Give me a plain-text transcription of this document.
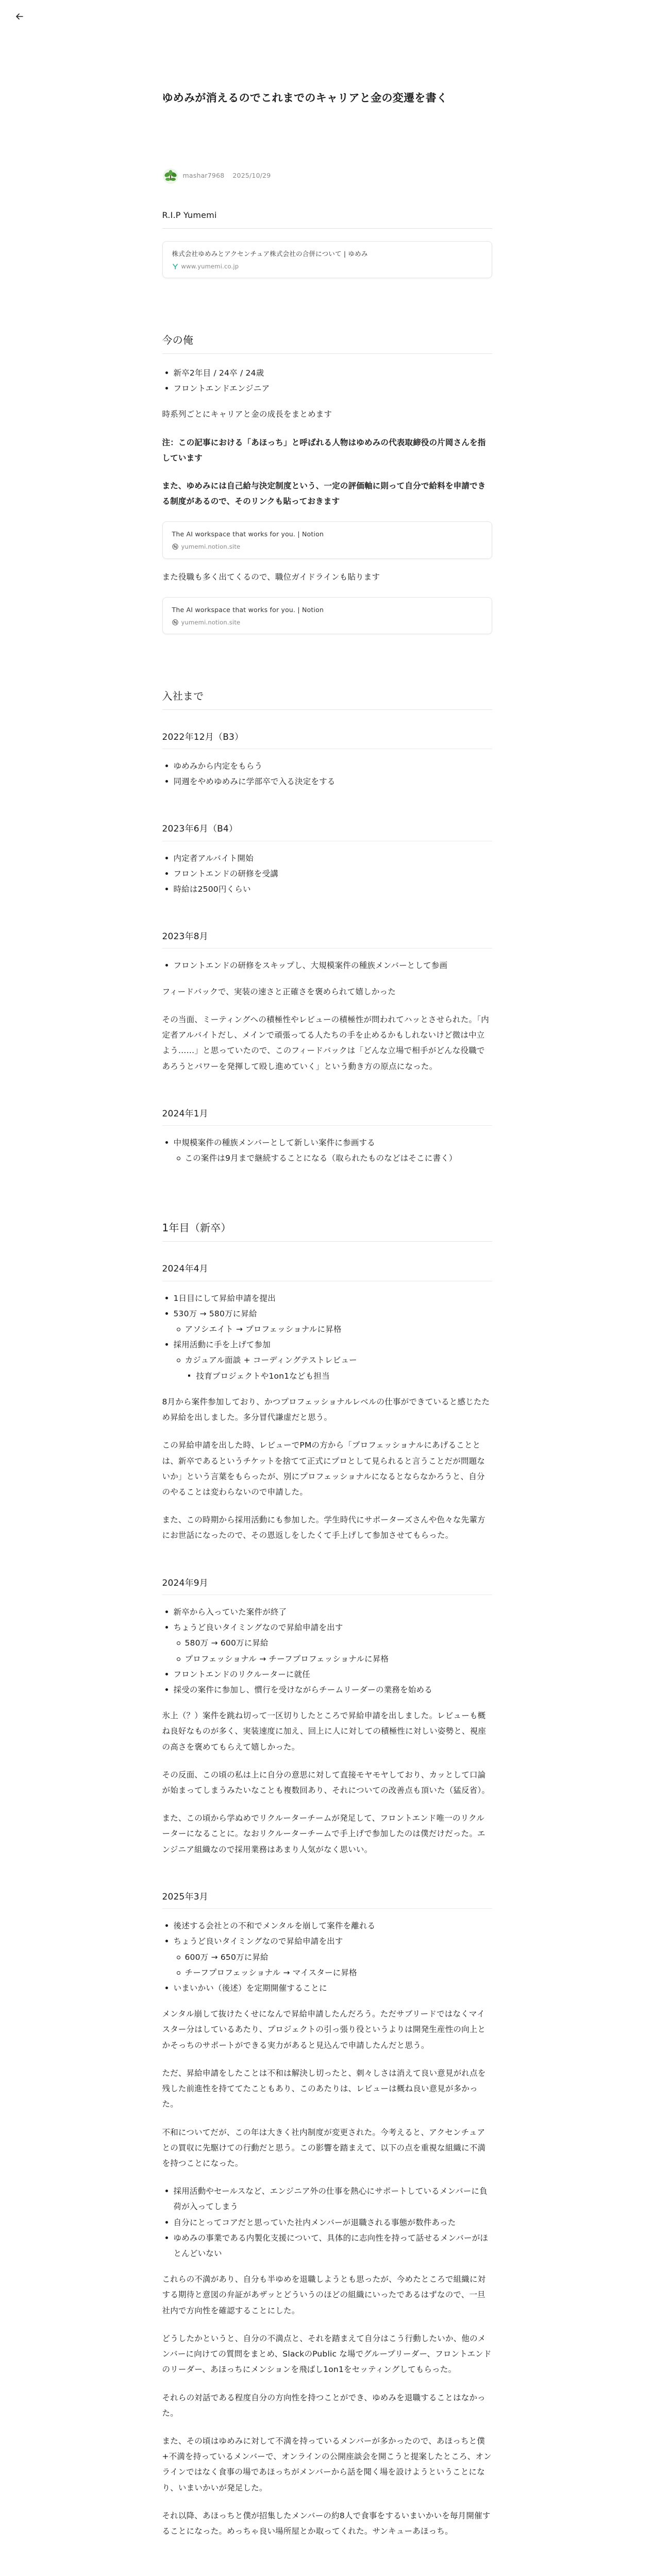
ゆめみが消えるのでこれまでのキャリアと金の変遷を書く
mashar7968 2025/10/29

R.I.P Yumemi

株式会社ゆめみとアクセンチュア株式会社の合併について | ゆめみ
www.yumemi.co.jp
今の俺
新卒2年目 / 24卒 / 24歳
フロントエンドエンジニア

時系列ごとにキャリアと金の成長をまとめます

注：この記事における「あほっち」と呼ばれる人物はゆめみの代表取締役の片岡さんを指しています

また、ゆめみには自己給与決定制度という、一定の評価軸に則って自分で給料を申請できる制度があるので、そのリンクも貼っておきます

The AI workspace that works for you. | Notion
yumemi.notion.site

また役職も多く出てくるので、職位ガイドラインも貼ります

The AI workspace that works for you. | Notion
yumemi.notion.site
入社まで
2022年12月（B3）
ゆめみから内定をもらう
同週をやめゆめみに学部卒で入る決定をする
2023年6月（B4）
内定者アルバイト開始
フロントエンドの研修を受講
時給は2500円くらい
2023年8月
フロントエンドの研修をスキップし、大規模案件の種族メンバーとして参画

フィードバックで、実装の速さと正確さを褒められて嬉しかった

その当面、ミーティングへの積極性やレビューの積極性が問われてハッとさせられた。「内定者アルバイトだし、メインで頑張ってる人たちの手を止めるかもしれないけど微は中立よう……」と思っていたので、このフィードバックは「どんな立場で相手がどんな役職であろうとパワーを発揮して殴し進めていく」という動き方の原点になった。

2024年1月
中規模案件の種族メンバーとして新しい案件に参画する
この案件は9月まで継続することになる（取られたものなどはそこに書く）
1年目（新卒）
2024年4月
1日目にして昇給申請を提出
530万 → 580万に昇給
アソシエイト → プロフェッショナルに昇格
採用活動に手を上げて参加
カジュアル面談 + コーディングテストレビュー
技育プロジェクトや1on1なども担当

8月から案件参加しており、かつプロフェッショナルレベルの仕事ができていると感じたため昇給を出しました。多分冒代謙虚だと思う。

この昇給申請を出した時、レビューでPMの方から「プロフェッショナルにあげることとは、新卒であるというチケットを捨てて正式にプロとして見られると言うことだが問題ないか」という言葉をもらったが、別にプロフェッショナルになるとならなかろうと、自分のやることは変わらないので申請した。

また、この時期から採用活動にも参加した。学生時代にサポーターズさんや色々な先輩方にお世話になったので、その恩返しをしたくて手上げして参加させてもらった。

2024年9月
新卒から入っていた案件が終了
ちょうど良いタイミングなので昇給申請を出す
580万 → 600万に昇給
プロフェッショナル → チーフプロフェッショナルに昇格
フロントエンドのリクルーターに就任
採受の案件に参加し、慣行を受けながらチームリーダーの業務を始める

氷上（？）案件を跳ね切って一区切りしたところで昇給申請を出しました。レビューも概ね良好なものが多く、実装速度に加え、回上に人に対しての積極性に対しい姿勢と、視座の高さを褒めてもらえて嬉しかった。

その反面、この頃の私は上に自分の意思に対して直接モヤモヤしており、カッとして口論が始まってしまうみたいなことも複数回あり、それについての改善点も頂いた（猛反省）。

また、この頃から学ぬめでリクルーターチームが発足して、フロントエンド唯一のリクルーターになることに。なおリクルーターチームで手上げで参加したのは僕だけだった。エンジニア組織なので採用業務はあまり人気がなく思いい。

2025年3月
後述する会社との不和でメンタルを崩して案件を離れる
ちょうど良いタイミングなので昇給申請を出す
600万 → 650万に昇給
チーフプロフェッショナル → マイスターに昇格
いまいかい（後述）を定期開催することに

メンタル崩して抜けたくせになんで昇給申請したんだろう。ただサブリードではなくマイスター分はしているあたり、プロジェクトの引っ張り役というよりは開発生産性の向上とかそっちのサポートができる実力があると見込んで申請したんだと思う。

ただ、昇給申請をしたことは不和は解決し切ったと、刺々しさは消えて良い意見がれ点を残した前進性を持ててたこともあり、このあたりは、レビューは概ね良い意見が多かった。

不和についてだが、この年は大きく社内制度が変更された。今考えると、アクセンチュアとの買収に先駆けての行動だと思う。この影響を踏まえて、以下の点を重視な組織に不満を持つことになった。

採用活動やセールスなど、エンジニア外の仕事を熱心にサポートしているメンバーに負荷が入ってしまう
自分にとってコアだと思っていた社内メンバーが退職される事態が数件あった
ゆめみの事業である内製化支援について、具体的に志向性を持って話せるメンバーがほとんどいない

これらの不満があり、自分も半ゆめを退職しようとも思ったが、今めたところで組織に対する期待と意図の弁証があザッとどういうのほどの組織にいったであるはずなので、一旦社内で方向性を確認することにした。

どうしたかというと、自分の不満点と、それを踏まえて自分はこう行動したいか、他のメンバーに向けての質問をまとめ、SlackのPublic な場でグループリーダー、フロントエンドのリーダー、あほっちにメンションを飛ばし1on1をセッティングしてもらった。

それらの対話である程度自分の方向性を持つことができ、ゆめみを退職することはなかった。

また、その頃はゆめみに対して不満を持っているメンバーが多かったので、あほっちと僕+不満を持っているメンバーで、オンラインの公開座談会を開こうと提案したところ、オンラインではなく食事の場であほっちがメンバーから話を聞く場を設けようということになり、いまいかいが発足した。

それ以降、あほっちと僕が招集したメンバーの約8人で食事をするいまいかいを毎月開催することになった。めっちゃ良い場所屋とか取ってくれた。サンキューあほっち。
